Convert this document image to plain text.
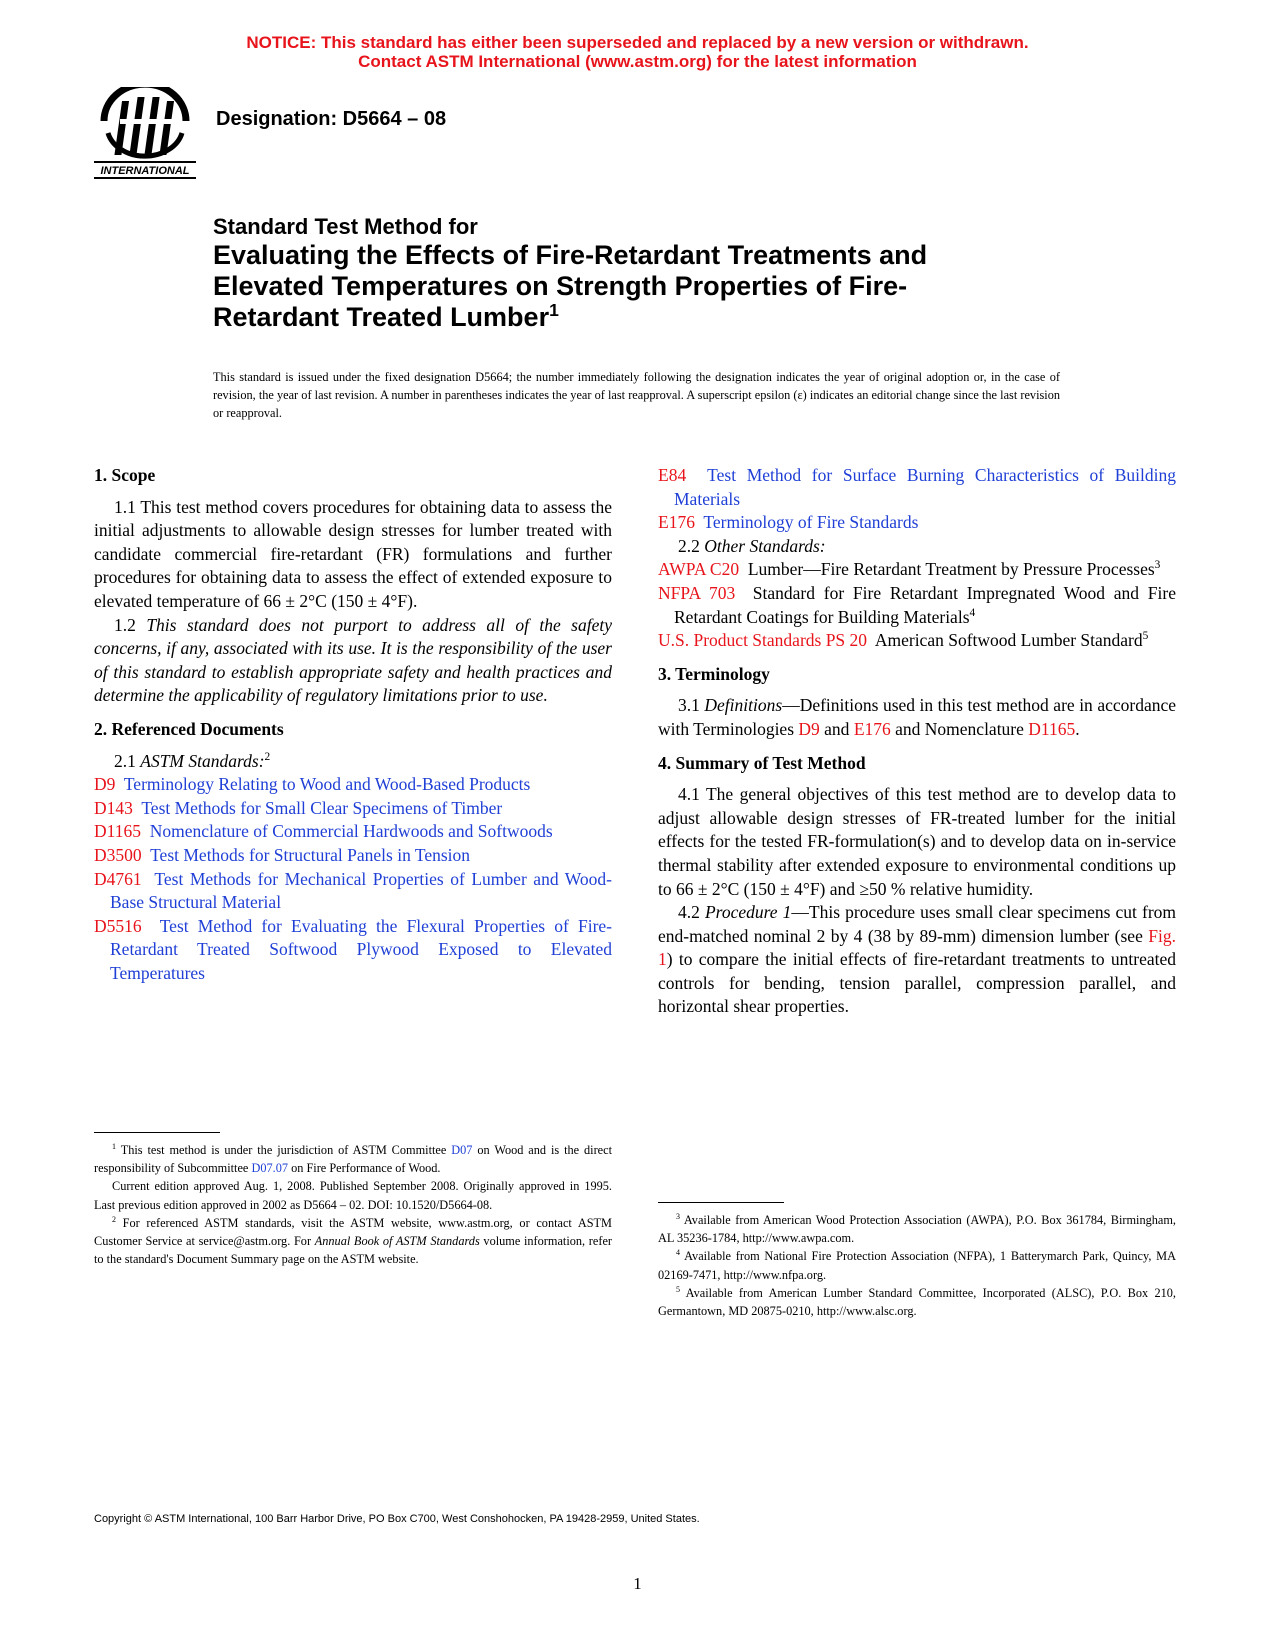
NOTICE: This standard has either been superseded and replaced by a new version or withdrawn.
Contact ASTM International (www.astm.org) for the latest information
INTERNATIONAL
Designation: D5664 – 08
Standard Test Method for
Evaluating the Effects of Fire-Retardant Treatments and
Elevated Temperatures on Strength Properties of Fire-
Retardant Treated Lumber$^1$
This standard is issued under the fixed designation D5664; the number immediately following the designation indicates the year of original adoption or, in the case of revision, the year of last revision. A number in parentheses indicates the year of last reapproval. A superscript epsilon (ε) indicates an editorial change since the last revision or reapproval.
1. Scope

1.1 This test method covers procedures for obtaining data to assess the initial adjustments to allowable design stresses for lumber treated with candidate commercial fire-retardant (FR) formulations and further procedures for obtaining data to assess the effect of extended exposure to elevated temperature of 66 ± 2°C (150 ± 4°F).

1.2 This standard does not purport to address all of the safety concerns, if any, associated with its use. It is the responsibility of the user of this standard to establish appropriate safety and health practices and determine the applicability of regulatory limitations prior to use.

2. Referenced Documents

2.1 ASTM Standards:$^2$

D9 Terminology Relating to Wood and Wood-Based Products
D143 Test Methods for Small Clear Specimens of Timber
D1165 Nomenclature of Commercial Hardwoods and Softwoods
D3500 Test Methods for Structural Panels in Tension
D4761 Test Methods for Mechanical Properties of Lumber and Wood-Base Structural Material
D5516 Test Method for Evaluating the Flexural Properties of Fire-Retardant Treated Softwood Plywood Exposed to Elevated Temperatures

$^1$ This test method is under the jurisdiction of ASTM Committee D07 on Wood and is the direct responsibility of Subcommittee D07.07 on Fire Performance of Wood.

Current edition approved Aug. 1, 2008. Published September 2008. Originally approved in 1995. Last previous edition approved in 2002 as D5664 – 02. DOI: 10.1520/D5664-08.

$^2$ For referenced ASTM standards, visit the ASTM website, www.astm.org, or contact ASTM Customer Service at service@astm.org. For Annual Book of ASTM Standards volume information, refer to the standard's Document Summary page on the ASTM website.

E84 Test Method for Surface Burning Characteristics of Building Materials
E176 Terminology of Fire Standards

2.2 Other Standards:

AWPA C20 Lumber—Fire Retardant Treatment by Pressure Processes$^3$
NFPA 703 Standard for Fire Retardant Impregnated Wood and Fire Retardant Coatings for Building Materials$^4$
U.S. Product Standards PS 20 American Softwood Lumber Standard$^5$
3. Terminology

3.1 Definitions—Definitions used in this test method are in accordance with Terminologies D9 and E176 and Nomenclature D1165.

4. Summary of Test Method

4.1 The general objectives of this test method are to develop data to adjust allowable design stresses of FR-treated lumber for the initial effects for the tested FR-formulation(s) and to develop data on in-service thermal stability after extended exposure to environmental conditions up to 66 ± 2°C (150 ± 4°F) and ≥50 % relative humidity.

4.2 Procedure 1—This procedure uses small clear specimens cut from end-matched nominal 2 by 4 (38 by 89-mm) dimension lumber (see Fig. 1) to compare the initial effects of fire-retardant treatments to untreated controls for bending, tension parallel, compression parallel, and horizontal shear properties.

$^3$ Available from American Wood Protection Association (AWPA), P.O. Box 361784, Birmingham, AL 35236-1784, http://www.awpa.com.

$^4$ Available from National Fire Protection Association (NFPA), 1 Batterymarch Park, Quincy, MA 02169-7471, http://www.nfpa.org.

$^5$ Available from American Lumber Standard Committee, Incorporated (ALSC), P.O. Box 210, Germantown, MD 20875-0210, http://www.alsc.org.

Copyright © ASTM International, 100 Barr Harbor Drive, PO Box C700, West Conshohocken, PA 19428-2959, United States.
1
